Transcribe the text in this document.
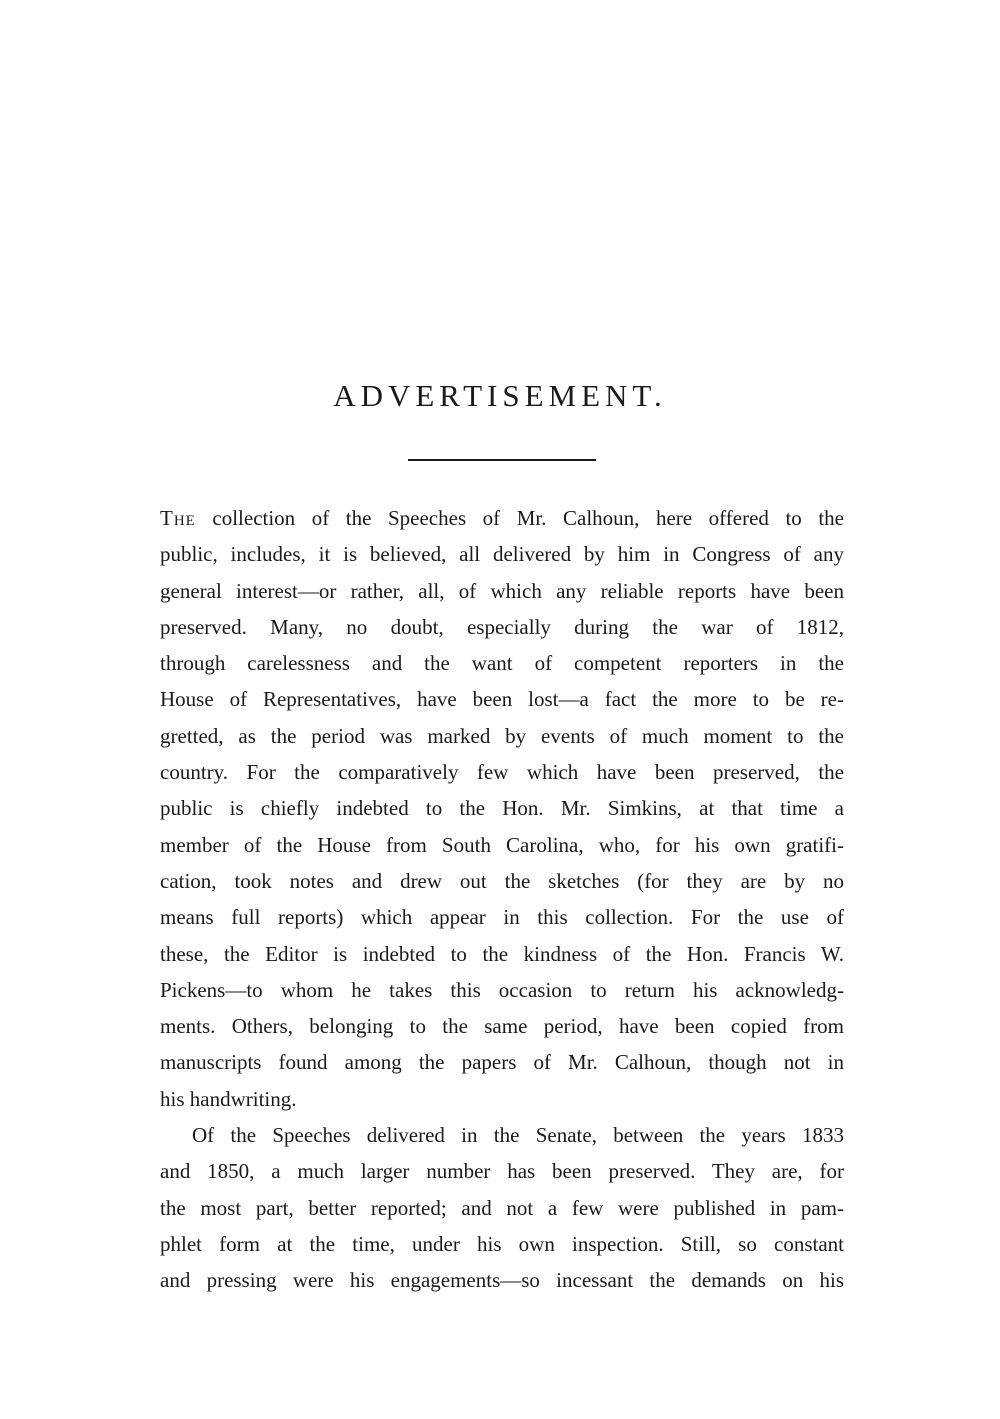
ADVERTISEMENT.
The collection of the Speeches of Mr. Calhoun, here offered to the
public, includes, it is believed, all delivered by him in Congress of any
general interest—or rather, all, of which any reliable reports have been
preserved. Many, no doubt, especially during the war of 1812,
through carelessness and the want of competent reporters in the
House of Representatives, have been lost—a fact the more to be re-
gretted, as the period was marked by events of much moment to the
country. For the comparatively few which have been preserved, the
public is chiefly indebted to the Hon. Mr. Simkins, at that time a
member of the House from South Carolina, who, for his own gratifi-
cation, took notes and drew out the sketches (for they are by no
means full reports) which appear in this collection. For the use of
these, the Editor is indebted to the kindness of the Hon. Francis W.
Pickens—to whom he takes this occasion to return his acknowledg-
ments. Others, belonging to the same period, have been copied from
manuscripts found among the papers of Mr. Calhoun, though not in
his handwriting.
Of the Speeches delivered in the Senate, between the years 1833
and 1850, a much larger number has been preserved. They are, for
the most part, better reported; and not a few were published in pam-
phlet form at the time, under his own inspection. Still, so constant
and pressing were his engagements—so incessant the demands on his
